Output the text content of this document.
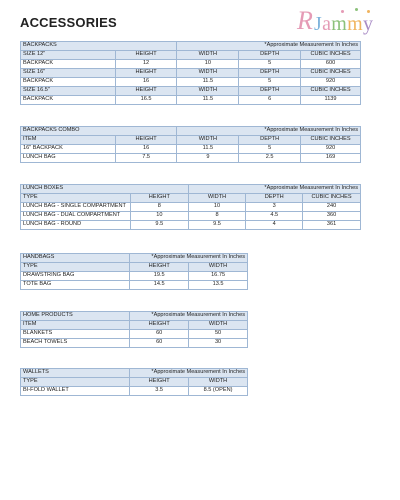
ACCESSORIES	R Jammy
BACKPACKS		*Approximate Measurement In Inches		
SIZE 12"	HEIGHT	WIDTH	DEPTH	CUBIC INCHES
BACKPACK	12	10	5	600
SIZE 16"	HEIGHT	WIDTH	DEPTH	CUBIC INCHES
BACKPACK	16	11.5	5	920
SIZE 16.5"	HEIGHT	WIDTH	DEPTH	CUBIC INCHES
BACKPACK	16.5	11.5	6	1139
BACKPACKS COMBO		*Approximate Measurement In Inches		
ITEM	HEIGHT	WIDTH	DEPTH	CUBIC INCHES
16" BACKPACK	16	11.5	5	920
LUNCH BAG	7.5	9	2.5	169
LUNCH BOXES		*Approximate Measurement In Inches		
TYPE	HEIGHT	WIDTH	DEPTH	CUBIC INCHES
LUNCH BAG - SINGLE COMPARTMENT	8	10	3	240
LUNCH BAG - DUAL COMPARTMENT	10	8	4.5	360
LUNCH BAG - ROUND	9.5	9.5	4	361
HANDBAGS	*Approximate Measurement In Inches	
TYPE	HEIGHT	WIDTH
DRAWSTRING BAG	19.5	16.75
TOTE BAG	14.5	13.5
HOME PRODUCTS	*Approximate Measurement In Inches	
ITEM	HEIGHT	WIDTH
BLANKETS	60	50
BEACH TOWELS	60	30
WALLETS	*Approximate Measurement In Inches	
TYPE	HEIGHT	WIDTH
BI-FOLD WALLET	3.5	8.5 (OPEN)
